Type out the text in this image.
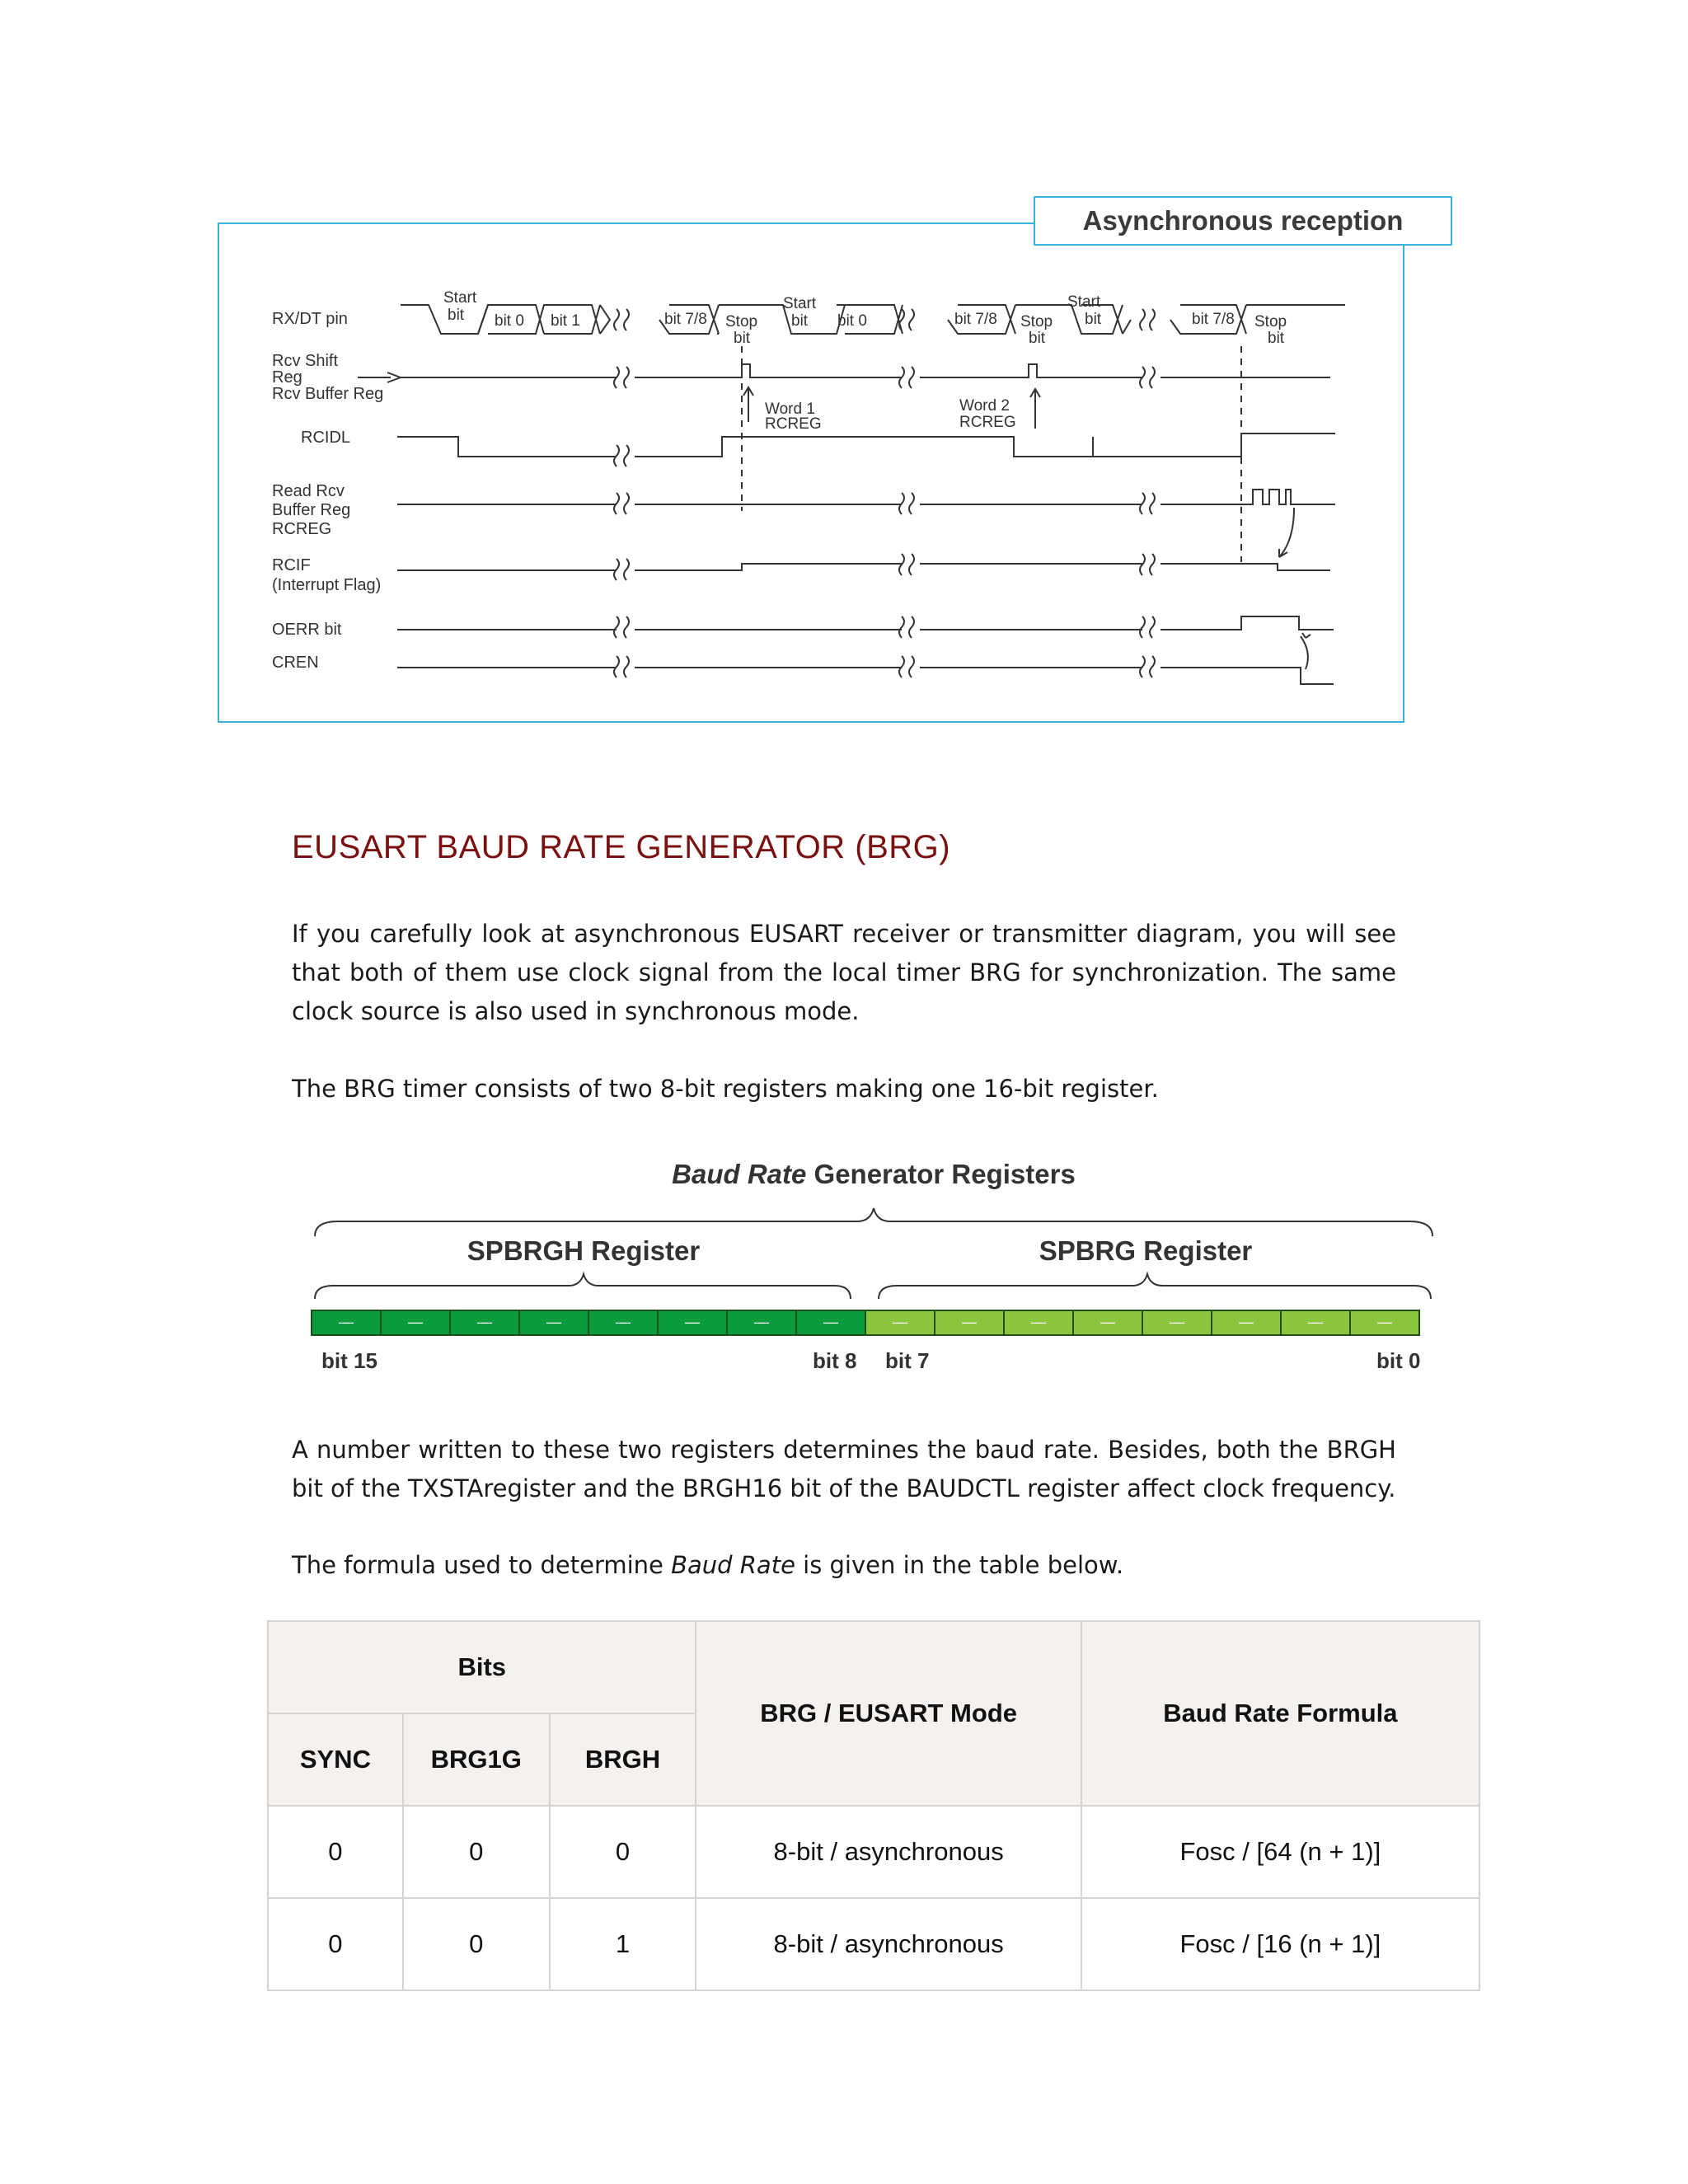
Asynchronous reception
RX/DT pin
Rcv Shift
Reg
Rcv Buffer Reg
RCIDL
Read Rcv
Buffer Reg
RCREG
RCIF
(Interrupt Flag)
OERR bit
CREN
Start
bit bit 0 bit 1	bit 7/8 Stop
bit
Start
bit bit 0	bit 7/8 Stop
bit
Start
bit	bit 7/8 Stop
bit
Word 1
RCREG
Word 2
RCREG
EUSART BAUD RATE GENERATOR (BRG)
If you carefully look at asynchronous EUSART receiver or transmitter diagram, you will see that both of them use clock signal from the local timer BRG for synchronization. The same clock source is also used in synchronous mode.
The BRG timer consists of two 8-bit registers making one 16-bit register.
Baud Rate Generator Registers
SPBRGH Register	SPBRG Register
—	—	—	—	—	—	—	—	—	—	—	—	—	—	—	—
bit 15	bit 8 bit 7	bit 0
A number written to these two registers determines the baud rate. Besides, both the BRGH bit of the TXSTAregister and the BRGH16 bit of the BAUDCTL register affect clock frequency.
The formula used to determine Baud Rate is given in the table below.
Bits			BRG / EUSART Mode	Baud Rate Formula
SYNC	BRG1G	BRGH		
0	0	0	8-bit / asynchronous	Fosc / [64 (n + 1)]
0	0	1	8-bit / asynchronous	Fosc / [16 (n + 1)]
